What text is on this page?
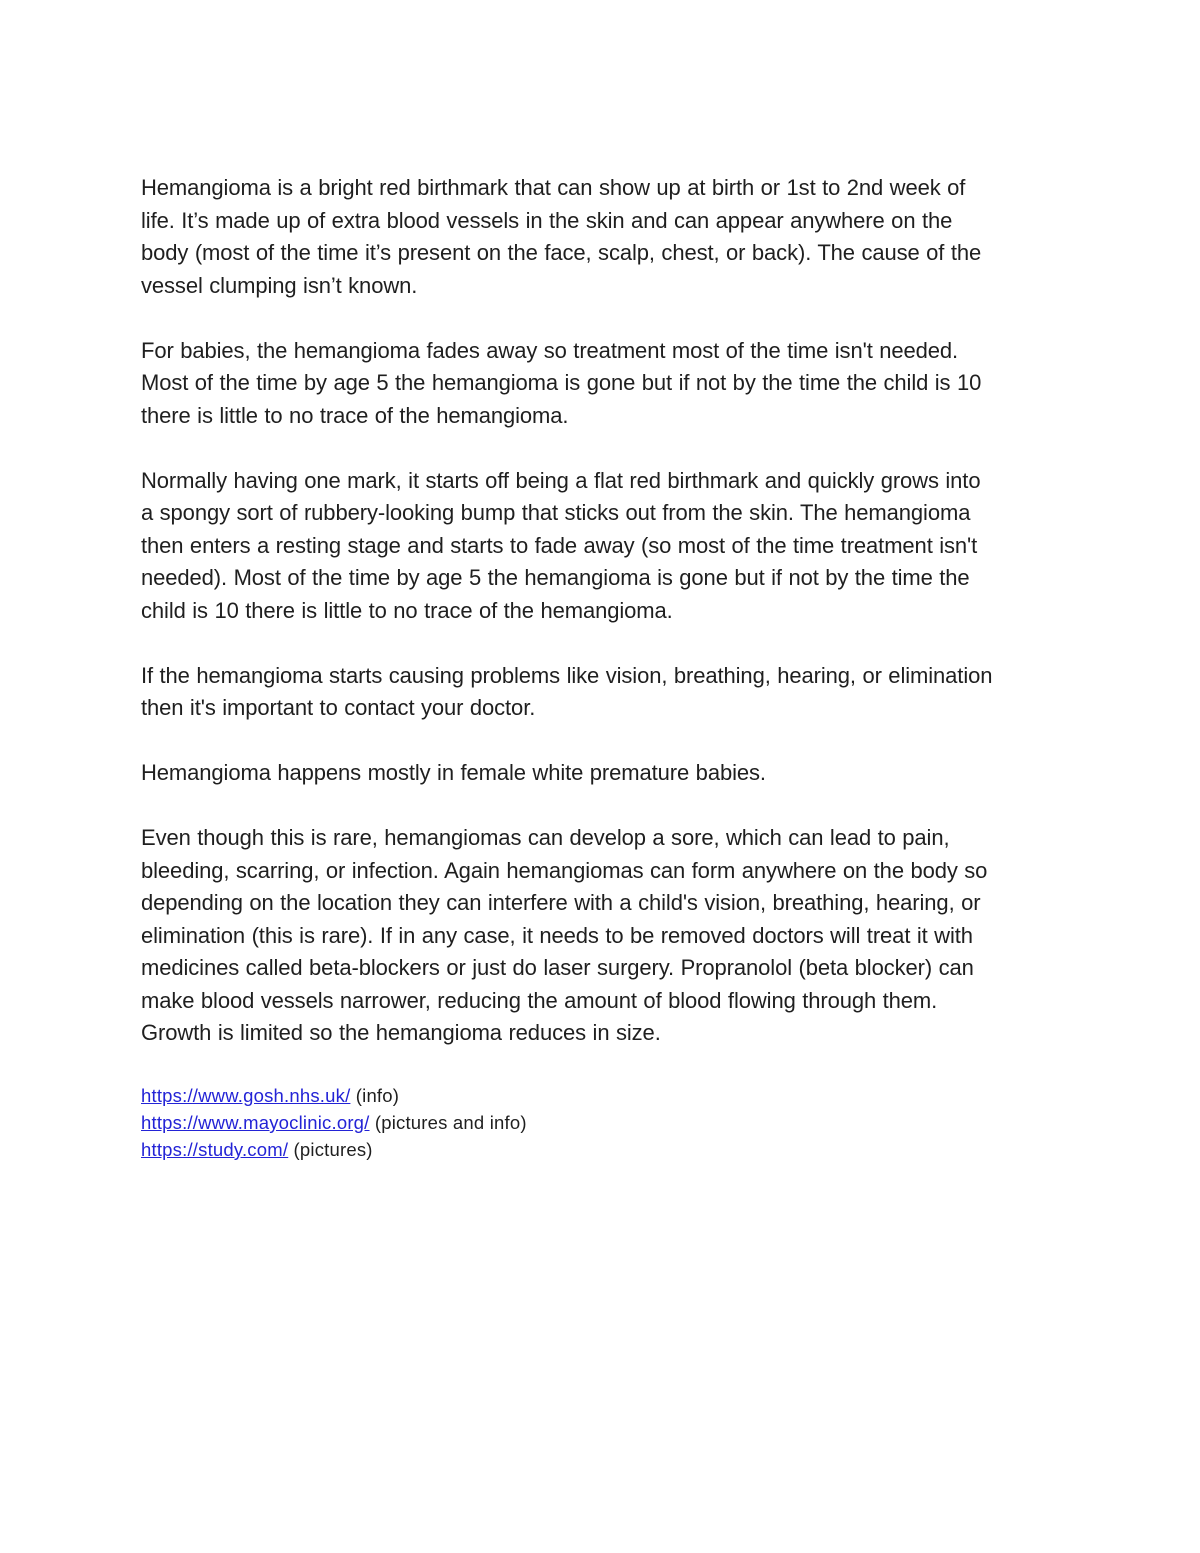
Hemangioma is a bright red birthmark that can show up at birth or 1st to 2nd week of
life. It’s made up of extra blood vessels in the skin and can appear anywhere on the
body (most of the time it’s present on the face, scalp, chest, or back). The cause of the
vessel clumping isn’t known.
For babies, the hemangioma fades away so treatment most of the time isn't needed.
Most of the time by age 5 the hemangioma is gone but if not by the time the child is 10
there is little to no trace of the hemangioma.
Normally having one mark, it starts off being a flat red birthmark and quickly grows into
a spongy sort of rubbery-looking bump that sticks out from the skin. The hemangioma
then enters a resting stage and starts to fade away (so most of the time treatment isn't
needed). Most of the time by age 5 the hemangioma is gone but if not by the time the
child is 10 there is little to no trace of the hemangioma.
If the hemangioma starts causing problems like vision, breathing, hearing, or elimination
then it's important to contact your doctor.
Hemangioma happens mostly in female white premature babies.
Even though this is rare, hemangiomas can develop a sore, which can lead to pain,
bleeding, scarring, or infection. Again hemangiomas can form anywhere on the body so
depending on the location they can interfere with a child's vision, breathing, hearing, or
elimination (this is rare). If in any case, it needs to be removed doctors will treat it with
medicines called beta-blockers or just do laser surgery. Propranolol (beta blocker) can
make blood vessels narrower, reducing the amount of blood flowing through them.
Growth is limited so the hemangioma reduces in size.
https://www.gosh.nhs.uk/ (info)
https://www.mayoclinic.org/ (pictures and info)
https://study.com/ (pictures)
